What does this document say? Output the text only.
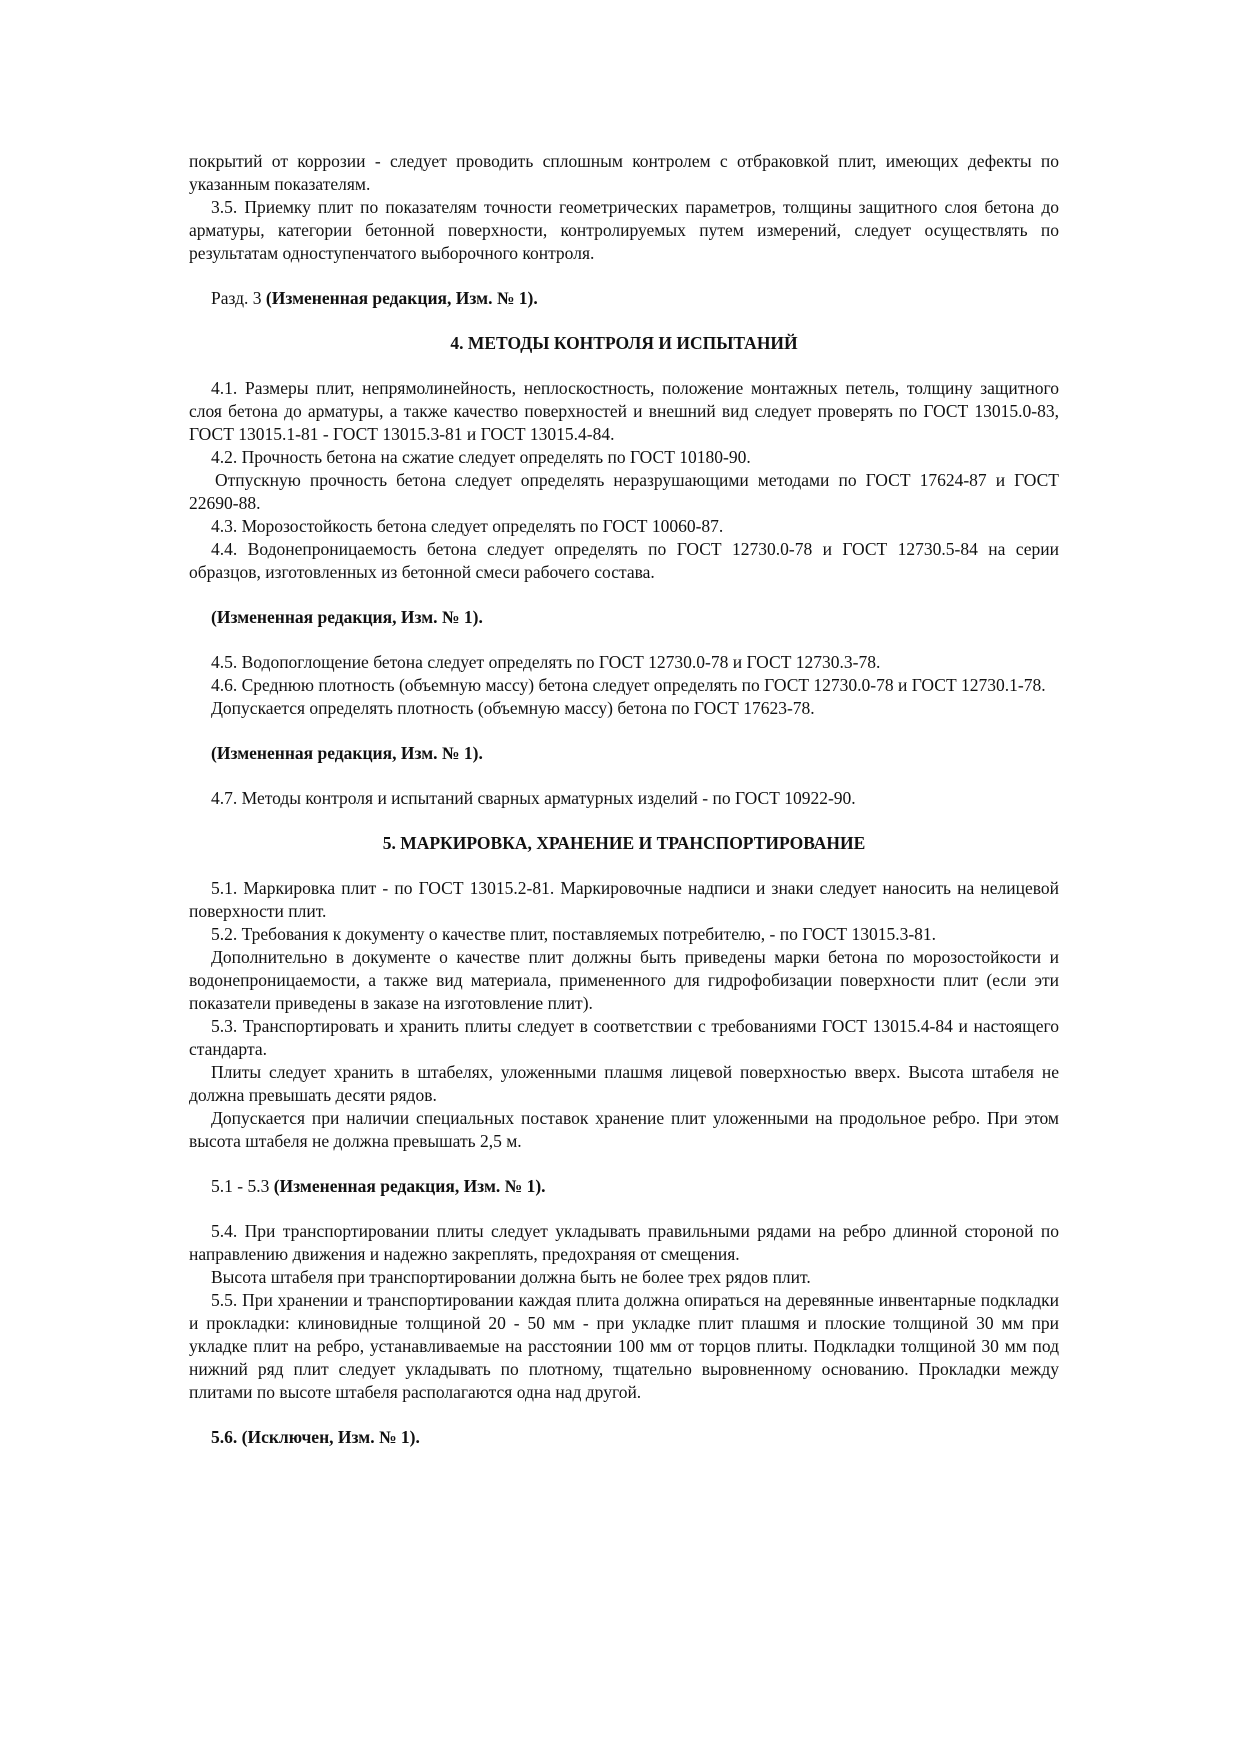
покрытий от коррозии - следует проводить сплошным контролем с отбраковкой плит, имеющих дефекты по указанным показателям.

3.5. Приемку плит по показателям точности геометрических параметров, толщины защитного слоя бетона до арматуры, категории бетонной поверхности, контролируемых путем измерений, следует осуществлять по результатам одноступенчатого выборочного контроля.

Разд. 3 (Измененная редакция, Изм. № 1).

4. МЕТОДЫ КОНТРОЛЯ И ИСПЫТАНИЙ

4.1. Размеры плит, непрямолинейность, неплоскостность, положение монтажных петель, толщину защитного слоя бетона до арматуры, а также качество поверхностей и внешний вид следует проверять по ГОСТ 13015.0-83, ГОСТ 13015.1-81 - ГОСТ 13015.3-81 и ГОСТ 13015.4-84.

4.2. Прочность бетона на сжатие следует определять по ГОСТ 10180-90.

Отпускную прочность бетона следует определять неразрушающими методами по ГОСТ 17624-87 и ГОСТ 22690-88.

4.3. Морозостойкость бетона следует определять по ГОСТ 10060-87.

4.4. Водонепроницаемость бетона следует определять по ГОСТ 12730.0-78 и ГОСТ 12730.5-84 на серии образцов, изготовленных из бетонной смеси рабочего состава.

(Измененная редакция, Изм. № 1).

4.5. Водопоглощение бетона следует определять по ГОСТ 12730.0-78 и ГОСТ 12730.3-78.

4.6. Среднюю плотность (объемную массу) бетона следует определять по ГОСТ 12730.0-78 и ГОСТ 12730.1-78.

Допускается определять плотность (объемную массу) бетона по ГОСТ 17623-78.

(Измененная редакция, Изм. № 1).

4.7. Методы контроля и испытаний сварных арматурных изделий - по ГОСТ 10922-90.

5. МАРКИРОВКА, ХРАНЕНИЕ И ТРАНСПОРТИРОВАНИЕ

5.1. Маркировка плит - по ГОСТ 13015.2-81. Маркировочные надписи и знаки следует наносить на нелицевой поверхности плит.

5.2. Требования к документу о качестве плит, поставляемых потребителю, - по ГОСТ 13015.3-81.

Дополнительно в документе о качестве плит должны быть приведены марки бетона по морозостойкости и водонепроницаемости, а также вид материала, примененного для гидрофобизации поверхности плит (если эти показатели приведены в заказе на изготовление плит).

5.3. Транспортировать и хранить плиты следует в соответствии с требованиями ГОСТ 13015.4-84 и настоящего стандарта.

Плиты следует хранить в штабелях, уложенными плашмя лицевой поверхностью вверх. Высота штабеля не должна превышать десяти рядов.

Допускается при наличии специальных поставок хранение плит уложенными на продольное ребро. При этом высота штабеля не должна превышать 2,5 м.

5.1 - 5.3 (Измененная редакция, Изм. № 1).

5.4. При транспортировании плиты следует укладывать правильными рядами на ребро длинной стороной по направлению движения и надежно закреплять, предохраняя от смещения.

Высота штабеля при транспортировании должна быть не более трех рядов плит.

5.5. При хранении и транспортировании каждая плита должна опираться на деревянные инвентарные подкладки и прокладки: клиновидные толщиной 20 - 50 мм - при укладке плит плашмя и плоские толщиной 30 мм при укладке плит на ребро, устанавливаемые на расстоянии 100 мм от торцов плиты. Подкладки толщиной 30 мм под нижний ряд плит следует укладывать по плотному, тщательно выровненному основанию. Прокладки между плитами по высоте штабеля располагаются одна над другой.

5.6. (Исключен, Изм. № 1).
